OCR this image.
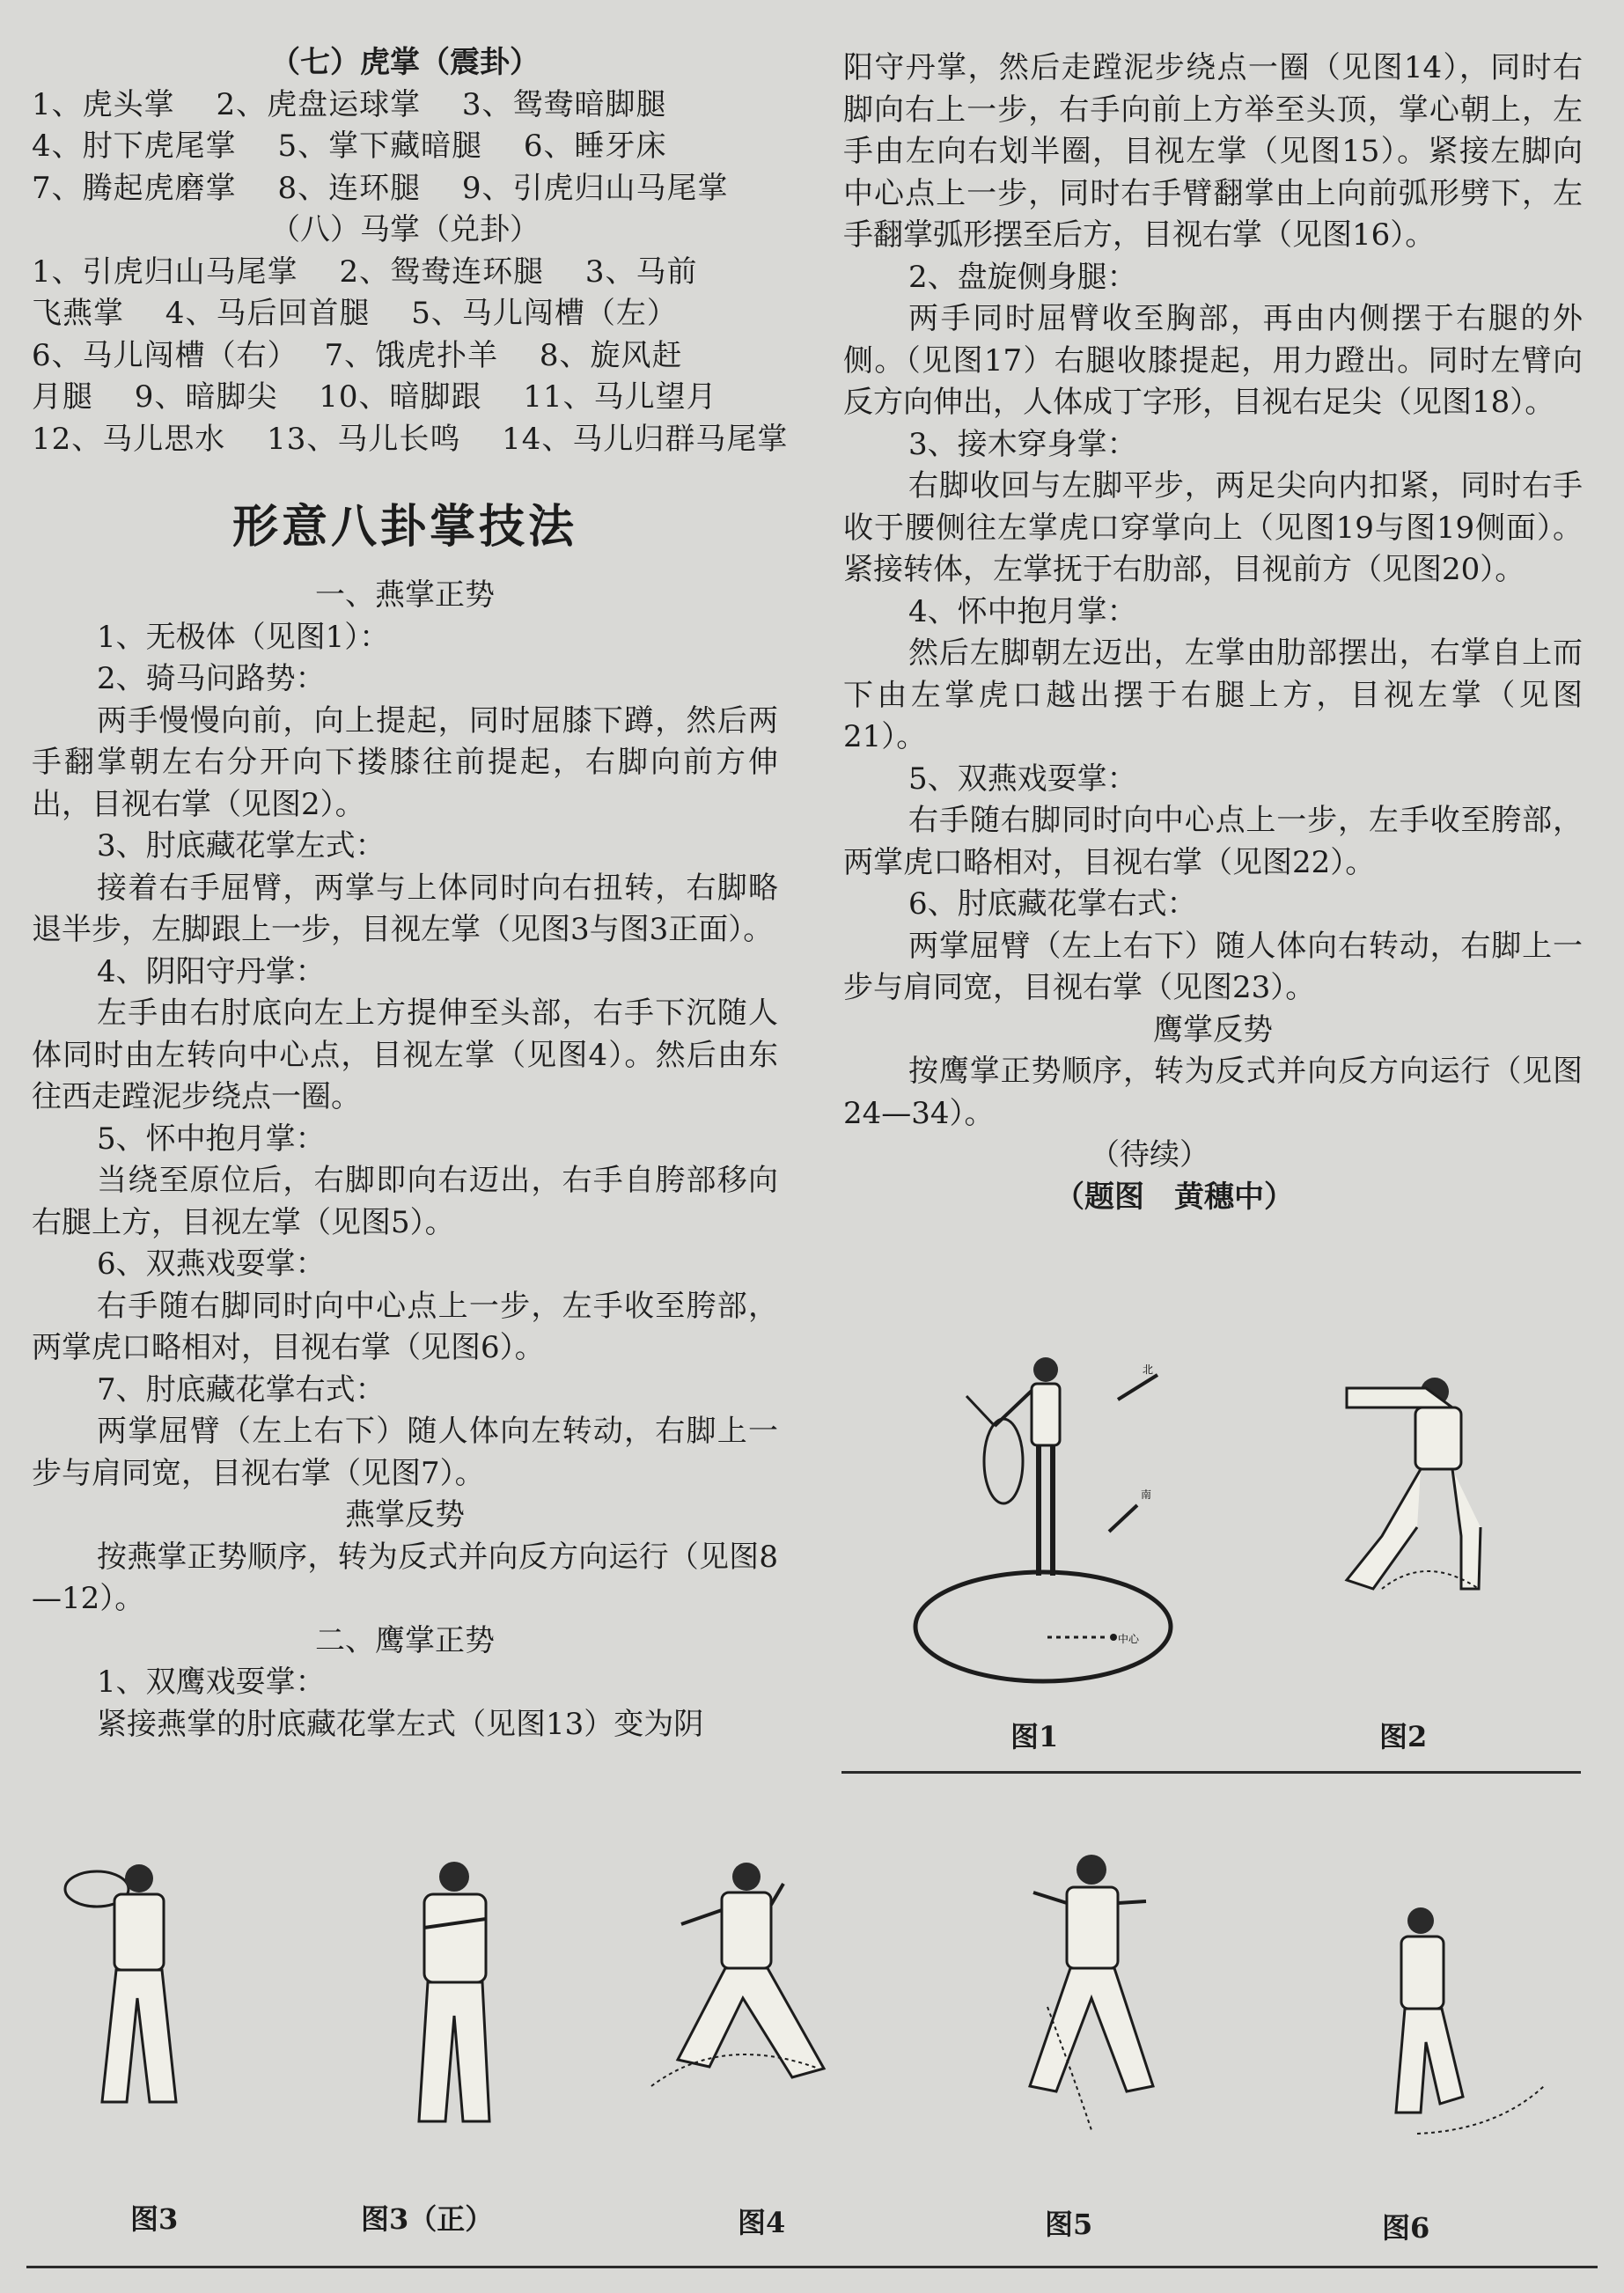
（七）虎掌（震卦）

1、虎头掌　 2、虎盘运球掌　 3、鸳鸯暗脚腿

4、肘下虎尾掌　 5、掌下藏暗腿　 6、睡牙床

7、腾起虎磨掌　 8、连环腿　 9、引虎归山马尾掌

（八）马掌（兑卦）

1、引虎归山马尾掌　 2、鸳鸯连环腿　 3、马前

飞燕掌　 4、马后回首腿　 5、马儿闯槽（左）

6、马儿闯槽（右）　 7、饿虎扑羊　 8、旋风赶

月腿　 9、暗脚尖　 10、暗脚跟　 11、马儿望月

12、马儿思水　 13、马儿长鸣　 14、马儿归群马尾掌

形意八卦掌技法

一、燕掌正势

1、无极体（见图1）：

2、骑马问路势：

两手慢慢向前，向上提起，同时屈膝下蹲，然后两手翻掌朝左右分开向下搂膝往前提起，右脚向前方伸出，目视右掌（见图2）。

3、肘底藏花掌左式：

接着右手屈臂，两掌与上体同时向右扭转，右脚略退半步，左脚跟上一步，目视左掌（见图3与图3正面）。

4、阴阳守丹掌：

左手由右肘底向左上方提伸至头部，右手下沉随人体同时由左转向中心点，目视左掌（见图4）。然后由东往西走蹚泥步绕点一圈。

5、怀中抱月掌：

当绕至原位后，右脚即向右迈出，右手自胯部移向右腿上方，目视左掌（见图5）。

6、双燕戏耍掌：

右手随右脚同时向中心点上一步，左手收至胯部，两掌虎口略相对，目视右掌（见图6）。

7、肘底藏花掌右式：

两掌屈臂（左上右下）随人体向左转动，右脚上一步与肩同宽，目视右掌（见图7）。

燕掌反势

按燕掌正势顺序，转为反式并向反方向运行（见图8—12）。

二、鹰掌正势

1、双鹰戏耍掌：

紧接燕掌的肘底藏花掌左式（见图13）变为阴

阳守丹掌，然后走蹚泥步绕点一圈（见图14），同时右脚向右上一步，右手向前上方举至头顶，掌心朝上，左手由左向右划半圈，目视左掌（见图15）。紧接左脚向中心点上一步，同时右手臂翻掌由上向前弧形劈下，左手翻掌弧形摆至后方，目视右掌（见图16）。

2、盘旋侧身腿：

两手同时屈臂收至胸部，再由内侧摆于右腿的外侧。（见图17）右腿收膝提起，用力蹬出。同时左臂向反方向伸出，人体成丁字形，目视右足尖（见图18）。

3、接木穿身掌：

右脚收回与左脚平步，两足尖向内扣紧，同时右手收于腰侧往左掌虎口穿掌向上（见图19与图19侧面）。紧接转体，左掌抚于右肋部，目视前方（见图20）。

4、怀中抱月掌：

然后左脚朝左迈出，左掌由肋部摆出，右掌自上而下由左掌虎口越出摆于右腿上方，目视左掌（见图21）。

5、双燕戏耍掌：

右手随右脚同时向中心点上一步，左手收至胯部，两掌虎口略相对，目视右掌（见图22）。

6、肘底藏花掌右式：

两掌屈臂（左上右下）随人体向右转动，右脚上一步与肩同宽，目视右掌（见图23）。

鹰掌反势

按鹰掌正势顺序，转为反式并向反方向运行（见图24—34）。

（待续）

（题图　黄穗中）

北
南
中心
图1	图2
图3	图3（正）	图4	图5	图6
